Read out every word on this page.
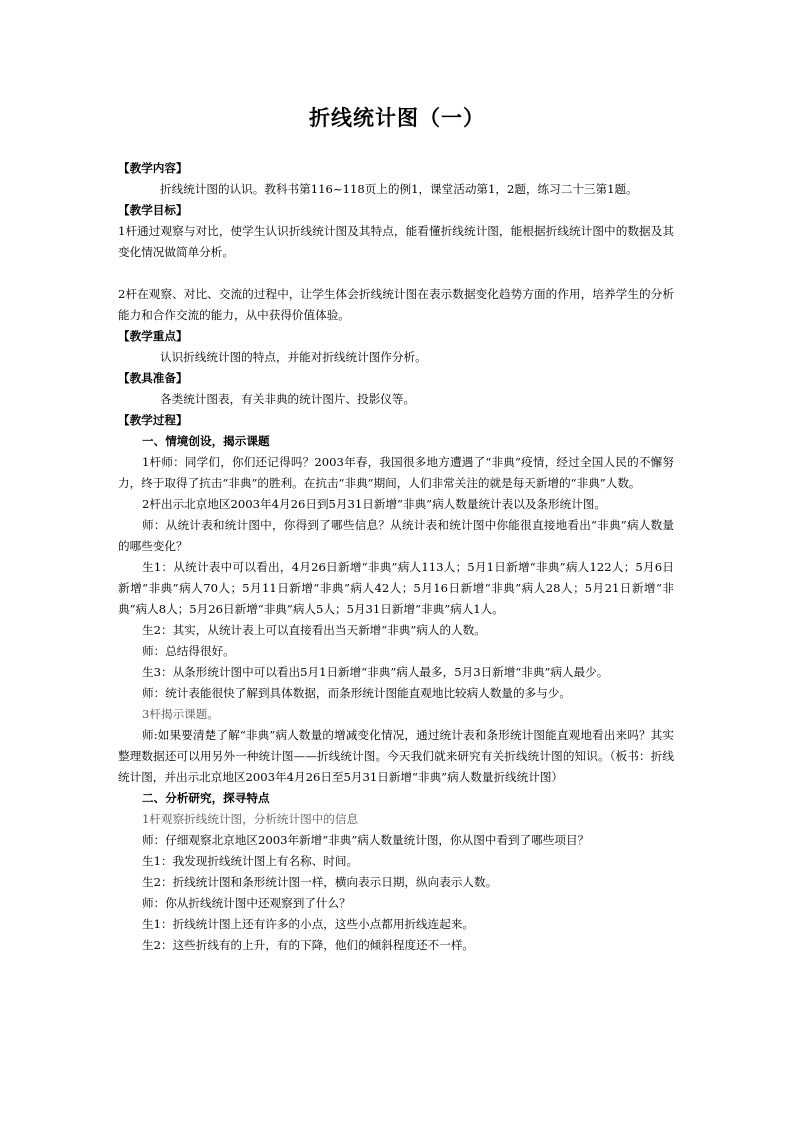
折线统计图（一）

【教学内容】

折线统计图的认识。教科书第116~118页上的例1，课堂活动第1，2题，练习二十三第1题。

【教学目标】

1杆通过观察与对比，使学生认识折线统计图及其特点，能看懂折线统计图，能根据折线统计图中的数据及其变化情况做简单分析。

2杆在观察、对比、交流的过程中，让学生体会折线统计图在表示数据变化趋势方面的作用，培养学生的分析能力和合作交流的能力，从中获得价值体验。

【教学重点】

认识折线统计图的特点，并能对折线统计图作分析。

【教具准备】

各类统计图表，有关非典的统计图片、投影仪等。

【教学过程】

一、情境创设，揭示课题

1杆师：同学们，你们还记得吗？2003年春，我国很多地方遭遇了“非典”疫情，经过全国人民的不懈努力，终于取得了抗击“非典”的胜利。在抗击“非典”期间，人们非常关注的就是每天新增的“非典”人数。

2杆出示北京地区2003年4月26日到5月31日新增“非典”病人数量统计表以及条形统计图。

师：从统计表和统计图中，你得到了哪些信息？从统计表和统计图中你能很直接地看出“非典”病人数量的哪些变化？

生1：从统计表中可以看出，4月26日新增“非典”病人113人；5月1日新增“非典”病人122人；5月6日新增“非典”病人70人；5月11日新增“非典”病人42人；5月16日新增“非典”病人28人；5月21日新增“非典”病人8人；5月26日新增“非典”病人5人；5月31日新增“非典”病人1人。

生2：其实，从统计表上可以直接看出当天新增“非典”病人的人数。

师：总结得很好。

生3：从条形统计图中可以看出5月1日新增“非典”病人最多，5月3日新增“非典”病人最少。

师：统计表能很快了解到具体数据，而条形统计图能直观地比较病人数量的多与少。

3杆揭示课题。

师:如果要清楚了解“非典”病人数量的增减变化情况，通过统计表和条形统计图能直观地看出来吗？其实整理数据还可以用另外一种统计图——折线统计图。今天我们就来研究有关折线统计图的知识。（板书：折线统计图，并出示北京地区2003年4月26日至5月31日新增“非典”病人数量折线统计图）

二、分析研究，探寻特点

1杆观察折线统计图，分析统计图中的信息

师：仔细观察北京地区2003年新增“非典”病人数量统计图，你从图中看到了哪些项目？

生1：我发现折线统计图上有名称、时间。

生2：折线统计图和条形统计图一样，横向表示日期，纵向表示人数。

师：你从折线统计图中还观察到了什么？

生1：折线统计图上还有许多的小点，这些小点都用折线连起来。

生2：这些折线有的上升，有的下降，他们的倾斜程度还不一样。
